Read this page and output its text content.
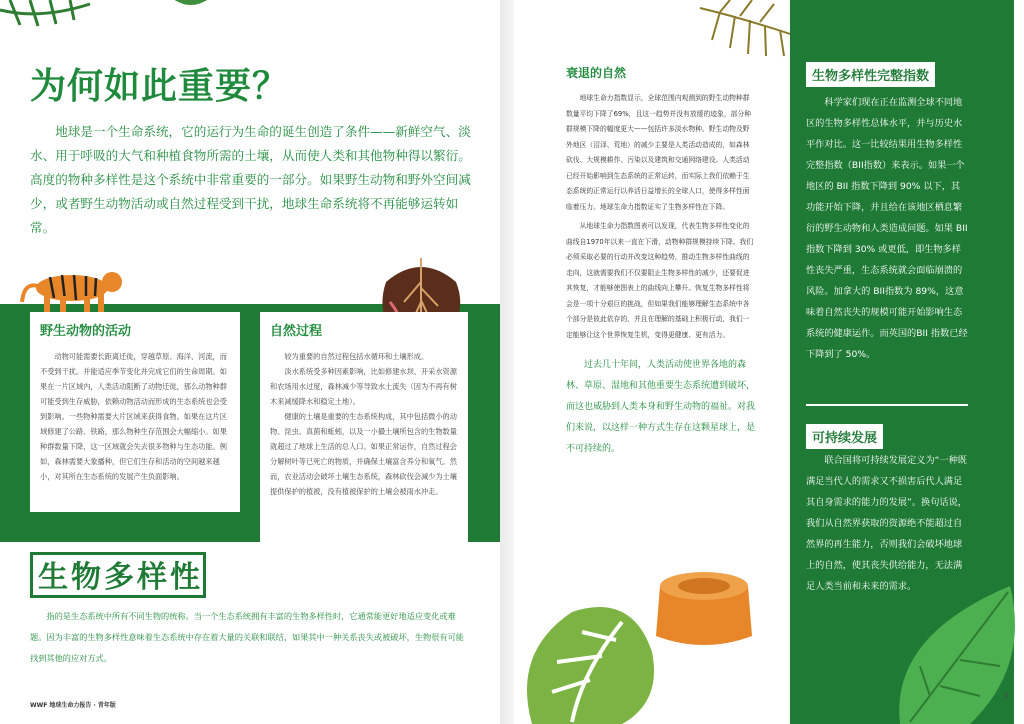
为何如此重要？
地球是一个生命系统，它的运行为生命的诞生创造了条件——新鲜空气、淡水、用于呼吸的大气和种植食物所需的土壤，从而使人类和其他物种得以繁衍。高度的物种多样性是这个系统中非常重要的一部分。如果野生动物和野外空间减少，或者野生动物活动或自然过程受到干扰，地球生命系统将不再能够运转如常。
野生动物的活动

动物可能需要长距离迁徙，穿越草原、海洋、河流，而不受到干扰。并能适应季节变化并完成它们的生命周期。如果在一片区域内，人类活动阻断了动物迁徙，那么动物种群可能受到生存威胁，依赖动物活动而形成的生态系统也会受到影响。一些物种需要大片区域来获得食物。如果在这片区域修建了公路、铁路，那么物种生存范围会大幅缩小。如果种群数量下降，这一区域就会失去很多物种与生态功能。例如，森林需要大象播种，但它们生存和活动的空间越来越小，对其所在生态系统的发展产生负面影响。

自然过程

较为重要的自然过程包括水循环和土壤形成。

淡水系统受多种因素影响，比如修建水坝、开采水资源和农场用水过度，森林减少等导致水土流失（因为不再有树木来减缓降水和稳定土地）。

健康的土壤是重要的生态系统构成，其中包括微小的动物、昆虫、真菌和蚯蚓，以及一小撮土壤所包含的生物数量就超过了地球上生活的总人口。如果正常运作，自然过程会分解树叶等已死亡的物质，并确保土壤富含养分和氧气。然而，农业活动会破坏土壤生态系统，森林砍伐会减少为土壤提供保护的植被，没有植被保护的土壤会被雨水冲走。

生物多样性
指的是生态系统中所有不同生物的统称。当一个生态系统拥有丰富的生物多样性时，它通常能更好地适应变化或难题。因为丰富的生物多样性意味着生态系统中存在着大量的关联和联结，如果其中一种关系丧失或被破坏，生物很有可能找到其他的应对方式。
WWF 地球生命力报告 · 青年版
衰退的自然

地球生命力指数显示，全球范围内观测到的野生动物种群数量平均下降了69%，且这一趋势并没有放缓的迹象，部分种群规模下降的幅度更大——包括许多淡水物种。野生动物及野外地区（沼泽、荒地）的减少主要是人类活动造成的，如森林砍伐、大规模耕作、污染以及建筑和交通网络建设。人类活动已经开始影响到生态系统的正常运转，而实际上我们依赖于生态系统的正常运行以养活日益增长的全球人口，使得多样性面临着压力。地球生命力指数证实了生物多样性在下降。

从地球生命力指数图表可以发现，代表生物多样性变化的曲线自1970年以来一直在下滑，动物种群规模持续下降。我们必须采取必要的行动并改变这种趋势，推动生物多样性曲线的走向，这就需要我们不仅要阻止生物多样性的减少，还要促进其恢复，才能够使图表上的曲线向上攀升。恢复生物多样性将会是一项十分艰巨的挑战，但如果我们能够理解生态系统中各个部分是彼此依存的，并且在理解的基础上积极行动，我们一定能够让这个世界恢复生机，变得更健康、更有活力。

过去几十年间，人类活动使世界各地的森林、草原、湿地和其他重要生态系统遭到破坏，而这也威胁到人类本身和野生动物的福祉。对我们来说，以这样一种方式生存在这颗星球上，是不可持续的。

生物多样性完整指数

科学家们现在正在监测全球不同地区的生物多样性总体水平，并与历史水平作对比。这一比较结果用生物多样性完整指数（BII指数）来表示。如果一个地区的 BII 指数下降到 90% 以下，其功能开始下降，并且给在该地区栖息繁衍的野生动物和人类造成问题。如果 BII 指数下降到 30% 或更低，即生物多样性丧失严重，生态系统就会面临崩溃的风险。加拿大的 BII指数为 89%，这意味着自然丧失的规模可能开始影响生态系统的健康运作。而英国的BII 指数已经下降到了 50%。

可持续发展

联合国将可持续发展定义为“一种既满足当代人的需求又不损害后代人满足其自身需求的能力的发展”。换句话说，我们从自然界获取的资源绝不能超过自然界的再生能力，否则我们会破坏地球上的自然，使其丧失供给能力，无法满足人类当前和未来的需求。

5
